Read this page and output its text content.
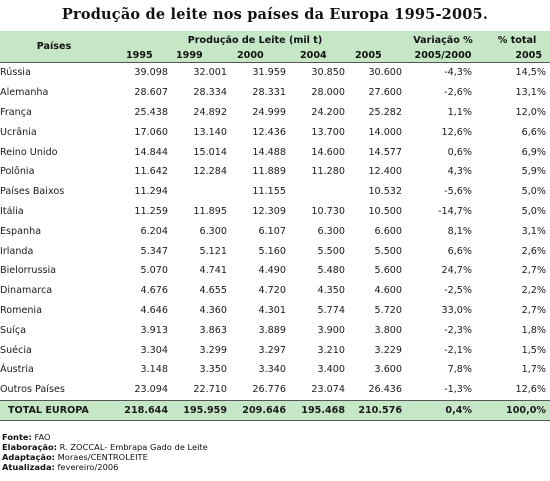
Produção de leite nos países da Europa 1995-2005.
Países	Produção de Leite (mil t)					Variação %	% total
	1995	1999	2000	2004	2005	2005/2000	2005
Rússia	39.098	32.001	31.959	30.850	30.600	-4,3%	14,5%
Alemanha	28.607	28.334	28.331	28.000	27.600	-2,6%	13,1%
França	25.438	24.892	24.999	24.200	25.282	1,1%	12,0%
Ucrânia	17.060	13.140	12.436	13.700	14.000	12,6%	6,6%
Reino Unido	14.844	15.014	14.488	14.600	14.577	0,6%	6,9%
Polônia	11.642	12.284	11.889	11.280	12.400	4,3%	5,9%
Países Baixos	11.294		11.155		10.532	-5,6%	5,0%
Itália	11.259	11.895	12.309	10.730	10.500	-14,7%	5,0%
Espanha	6.204	6.300	6.107	6.300	6.600	8,1%	3,1%
Irlanda	5.347	5.121	5.160	5.500	5.500	6,6%	2,6%
Bielorrussia	5.070	4.741	4.490	5.480	5.600	24,7%	2,7%
Dinamarca	4.676	4.655	4.720	4.350	4.600	-2,5%	2,2%
Romenia	4.646	4.360	4.301	5.774	5.720	33,0%	2,7%
Suíça	3.913	3.863	3.889	3.900	3.800	-2,3%	1,8%
Suécia	3.304	3.299	3.297	3.210	3.229	-2,1%	1,5%
Áustria	3.148	3.350	3.340	3.400	3.600	7,8%	1,7%
Outros Países	23.094	22.710	26.776	23.074	26.436	-1,3%	12,6%
TOTAL EUROPA	218.644	195.959	209.646	195.468	210.576	0,4%	100,0%
Fonte: FAO
Elaboração: R. ZOCCAL- Embrapa Gado de Leite
Adaptação: Moraes/CENTROLEITE
Atualizada: fevereiro/2006
